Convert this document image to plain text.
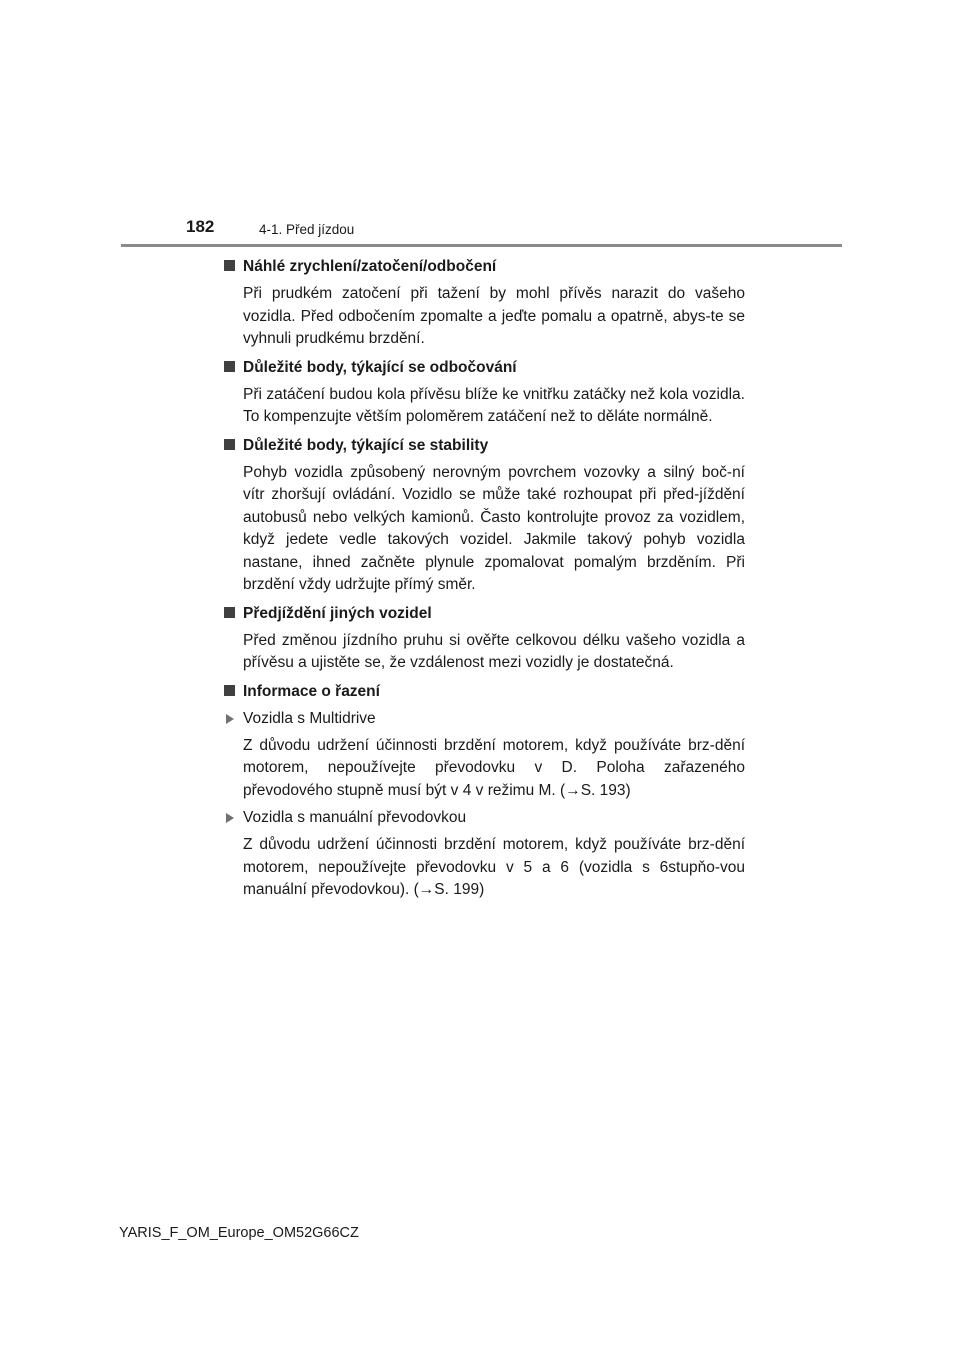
182	4-1. Před jízdou
Náhlé zrychlení/zatočení/odbočení

Při prudkém zatočení při tažení by mohl přívěs narazit do vašeho vozidla. Před odbočením zpomalte a jeďte pomalu a opatrně, abys-te se vyhnuli prudkému brzdění.

Důležité body, týkající se odbočování

Při zatáčení budou kola přívěsu blíže ke vnitřku zatáčky než kola vozidla. To kompenzujte větším poloměrem zatáčení než to děláte normálně.

Důležité body, týkající se stability

Pohyb vozidla způsobený nerovným povrchem vozovky a silný boč-ní vítr zhoršují ovládání. Vozidlo se může také rozhoupat při před-jíždění autobusů nebo velkých kamionů. Často kontrolujte provoz za vozidlem, když jedete vedle takových vozidel. Jakmile takový pohyb vozidla nastane, ihned začněte plynule zpomalovat pomalým brzděním. Při brzdění vždy udržujte přímý směr.

Předjíždění jiných vozidel

Před změnou jízdního pruhu si ověřte celkovou délku vašeho vozidla a přívěsu a ujistěte se, že vzdálenost mezi vozidly je dostatečná.

Informace o řazení
Vozidla s Multidrive

Z důvodu udržení účinnosti brzdění motorem, když používáte brz-dění motorem, nepoužívejte převodovku v D. Poloha zařazeného převodového stupně musí být v 4 v režimu M. (→S. 193)

Vozidla s manuální převodovkou

Z důvodu udržení účinnosti brzdění motorem, když používáte brz-dění motorem, nepoužívejte převodovku v 5 a 6 (vozidla s 6stupňo-vou manuální převodovkou). (→S. 199)

YARIS_F_OM_Europe_OM52G66CZ
